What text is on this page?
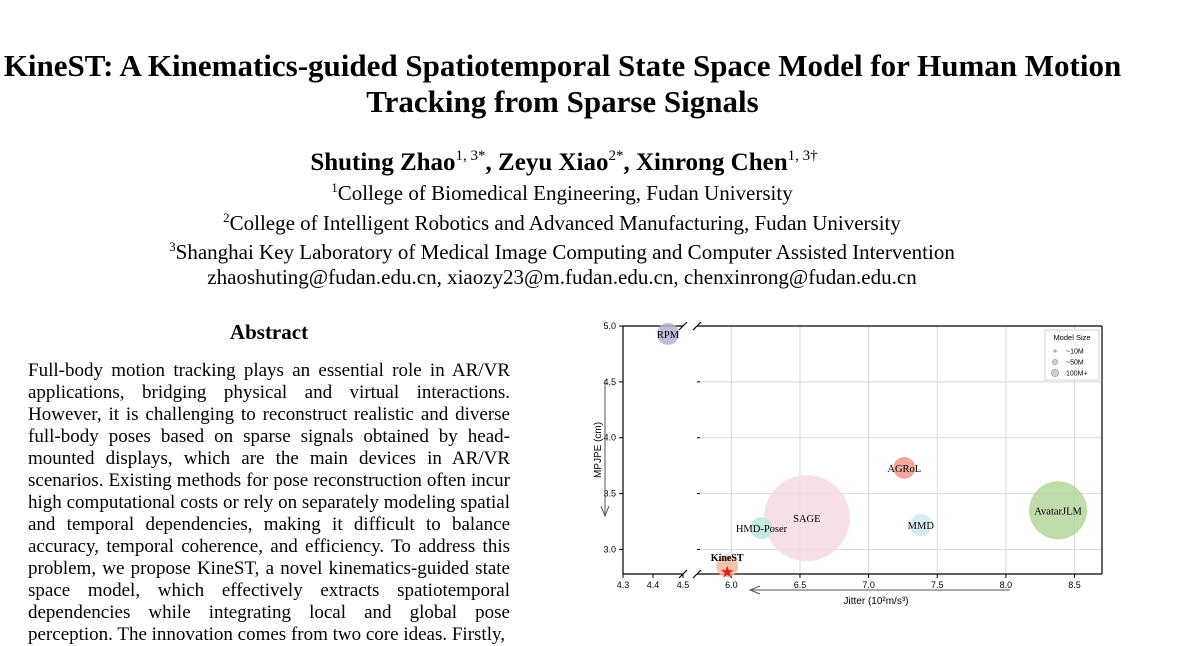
KineST: A Kinematics-guided Spatiotemporal State Space Model for Human Motion Tracking from Sparse Signals
Shuting Zhao$^{1, 3*}$, Zeyu Xiao$^{2*}$, Xinrong Chen$^{1, 3\dagger}$
$^1$College of Biomedical Engineering, Fudan University
$^2$College of Intelligent Robotics and Advanced Manufacturing, Fudan University
$^3$Shanghai Key Laboratory of Medical Image Computing and Computer Assisted Intervention
zhaoshuting@fudan.edu.cn, xiaozy23@m.fudan.edu.cn, chenxinrong@fudan.edu.cn
Abstract
Full-body motion tracking plays an essential role in AR/VR applications, bridging physical and virtual interactions. However, it is challenging to reconstruct realistic and diverse full-body poses based on sparse signals obtained by head-mounted displays, which are the main devices in AR/VR scenarios. Existing methods for pose reconstruction often incur high computational costs or rely on separately modeling spatial and temporal dependencies, making it difficult to balance accuracy, temporal coherence, and efficiency. To address this problem, we propose KineST, a novel kinematics-guided state space model, which effectively extracts spatiotemporal dependencies while integrating local and global pose perception. The innovation comes from two core ideas. Firstly,
3.0
3.5
4.0
4.5
5.0
4.3 4.4 4.5	6.0	6.5	7.0	7.5	8.0	8.5
Jitter (10²m/s³)
MPJPE (cm)
RPM
AGRoL
SAGE
HMD-Poser	MMD
AvatarJLM
KineST
Model Size
~10M
~50M
100M+
